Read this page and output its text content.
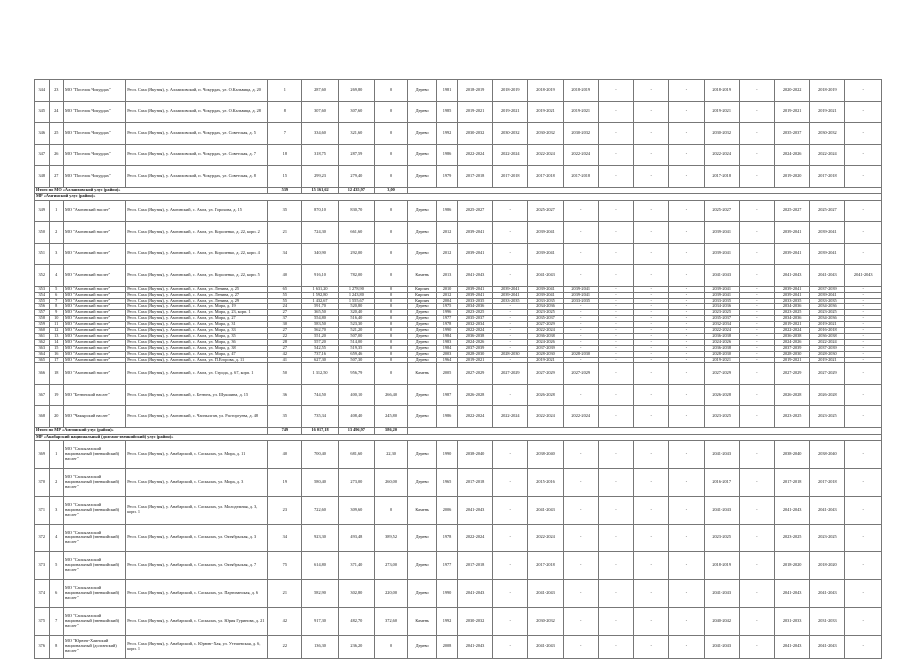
344	23	МО "Поселок Чокурдах"	Респ. Саха (Якутия), у. Аллаиховский, п. Чокурдах, ул. О.Кальвица, д. 20	1	287,60	269,80	0	Дерево	1981	2018-2019	2018-2019	2018-2019	2018-2019	-	-	-	2018-2019	-	2020-2022	2018-2019	-
345	24	МО "Поселок Чокурдах"	Респ. Саха (Якутия), у. Аллаиховский, п. Чокурдах, ул. О.Кальвица, д. 28	8	307,60	307,60	0	Дерево	1985	2019-2021	2019-2021	2019-2021	2019-2021	-	-	-	2019-2021	-	2019-2021	2019-2021	-
346	25	МО "Поселок Чокурдах"	Респ. Саха (Якутия), у. Аллаиховский, п. Чокурдах, ул. Советская, д. 5	7	334,60	321,60	0	Дерево	1992	2030-2032	2030-2032	2030-2032	2030-2032	-	-	-	2030-2032	-	2035-2037	2030-2032	-
347	26	МО "Поселок Чокурдах"	Респ. Саха (Якутия), у. Аллаиховский, п. Чокурдах, ул. Советская, д. 7	18	318,75	287,59	0	Дерево	1986	2022-2024	2022-2024	2022-2024	2022-2024	-	-	-	2022-2024	-	2024-2026	2022-2024	-
348	27	МО "Поселок Чокурдах"	Респ. Саха (Якутия), у. Аллаиховский, п. Чокурдах, ул. Советская, д. 8	15	299,23	279,40	0	Дерево	1979	2017-2018	2017-2018	2017-2018	2017-2018	-	-	-	2017-2018	-	2019-2020	2017-2018	-
Итого по МО «Аллаиховский улус (район)»				539	15 161,62	12 435,97	3,00														
МР «Амгинский улус (район)»																					
349	1	МО "Амгинский наслег"	Респ. Саха (Якутия), у. Амгинский, с. Амга, ул. Горохова, д. 15	35	870,10	830,70	0	Дерево	1986	2025-2027	-	2025-2027	-	-	-	-	2025-2027	-	2025-2027	2025-2027	-
350	2	МО "Амгинский наслег"	Респ. Саха (Якутия), у. Амгинский, с. Амга, ул. Короленко, д. 22, корп. 2	21	724,30	661,60	0	Дерево	2012	2039-2041	-	2039-2041	-	-	-	-	2039-2041	-	2039-2041	2039-2041	-
351	3	МО "Амгинский наслег"	Респ. Саха (Якутия), у. Амгинский, с. Амга, ул. Короленко, д. 22, корп. 4	34	340,90	292,00	0	Дерево	2012	2039-2041	-	2039-2041	-	-	-	-	2039-2041	-	2039-2041	2039-2041	-
352	4	МО "Амгинский наслег"	Респ. Саха (Якутия), у. Амгинский, с. Амга, ул. Короленко, д. 22, корп. 5	40	916,10	782,00	0	Камень	2013	2041-2043	-	2041-2043	-	-	-	-	2041-2043	-	2041-2043	2041-2043	2041-2043
353	5	МО "Амгинский наслег"	Респ. Саха (Якутия), у. Амгинский, с. Амга, ул. Ленина, д. 25	65	1 631,20	1 278,90	0	Кирпич	2010	2039-2041	2039-2041	2039-2041	2039-2041	-	-	-	2039-2041	-	2039-2041	2037-2039	-
354	6	МО "Амгинский наслег"	Респ. Саха (Якутия), у. Амгинский, с. Амга, ул. Ленина, д. 27	55	1 592,80	1 243,80	0	Кирпич	2012	2039-2041	2039-2041	2039-2041	2039-2041	-	-	-	2039-2041	-	2039-2041	2039-2041	-
355	7	МО "Амгинский наслег"	Респ. Саха (Якутия), у. Амгинский, с. Амга, ул. Ленина, д. 29	55	1 432,67	1 555,67	0	Кирпич	2004	2033-2035	2033-2035	2033-2035	2033-2035	-	-	-	2033-2035	-	2033-2035	2033-2035	-
356	8	МО "Амгинский наслег"	Респ. Саха (Якутия), у. Амгинский, с. Амга, ул. Мира, д. 19	24	591,70	520,80	0	Дерево	1975	2034-2036	-	2034-2036	-	-	-	-	2034-2036	-	2034-2036	2034-2036	-
357	9	МО "Амгинский наслег"	Респ. Саха (Якутия), у. Амгинский, с. Амга, ул. Мира, д. 23, корп. 1	27	365,50	320,40	0	Дерево	1996	2023-2025	-	2023-2025	-	-	-	-	2023-2025	-	2023-2025	2023-2025	-
358	10	МО "Амгинский наслег"	Респ. Саха (Якутия), у. Амгинский, с. Амга, ул. Мира, д. 27	37	554,80	516,40	0	Дерево	1977	2035-2037	-	2035-2037	-	-	-	-	2035-2037	-	2034-2036	2034-2036	-
359	11	МО "Амгинский наслег"	Респ. Саха (Якутия), у. Амгинский, с. Амга, ул. Мира, д. 31	30	583,50	523,30	0	Дерево	1978	2032-2034	-	2027-2029	-	-	-	-	2032-2034	-	2019-2021	2019-2021	-
360	12	МО "Амгинский наслег"	Респ. Саха (Якутия), у. Амгинский, с. Амга, ул. Мира, д. 33	27	562,70	521,20	0	Дерево	1990	2022-2024	-	2022-2024	-	-	-	-	2022-2024	-	2022-2024	2016-2018	-
361	13	МО "Амгинский наслег"	Респ. Саха (Якутия), у. Амгинский, с. Амга, ул. Мира, д. 35	22	551,20	507,00	0	Дерево	1984	2036-2038	-	2036-2038	-	-	-	-	2036-2038	-	2036-2038	2036-2038	-
362	14	МО "Амгинский наслег"	Респ. Саха (Якутия), у. Амгинский, с. Амга, ул. Мира, д. 36	28	557,20	514,00	0	Дерево	1983	2024-2026	-	2024-2026	-	-	-	-	2024-2026	-	2024-2026	2022-2024	-
363	15	МО "Амгинский наслег"	Респ. Саха (Якутия), у. Амгинский, с. Амга, ул. Мира, д. 38	27	542,55	519,35	0	Дерево	1984	2037-2039	-	2037-2039	-	-	-	-	2036-2038	-	2037-2039	2037-2039	-
364	16	МО "Амгинский наслег"	Респ. Саха (Якутия), у. Амгинский, с. Амга, ул. Мира, д. 47	42	737,16	659,46	0	Дерево	2003	2028-2030	2028-2030	2028-2030	2028-2030	-	-	-	2028-2030	-	2028-2030	2028-2030	-
365	17	МО "Амгинский наслег"	Респ. Саха (Якутия), у. Амгинский, с. Амга, ул. П.Егорова, д. 11	41	627,30	507,30	0	Дерево	1964	2019-2021	-	2019-2021	-	-	-	-	2019-2021	-	2019-2021	2019-2021	-
366	18	МО "Амгинский наслег"	Респ. Саха (Якутия), у. Амгинский, с. Амга, ул. Строда, д. 67, корп. 1	50	1 312,50	956,79	0	Камень	2005	2027-2029	2027-2029	2027-2029	2027-2029	-	-	-	2027-2029	-	2027-2029	2027-2029	-
367	19	МО "Бетюнский наслег"	Респ. Саха (Якутия), у. Амгинский, с. Бетюнь, ул. Шукшина, д. 15	36	744,50	400,10	266,40	Дерево	1987	2026-2028	-	2026-2028	-	-	-	-	2026-2028	-	2026-2028	2026-2028	-
368	20	МО "Чакырский наслег"	Респ. Саха (Якутия), у. Амгинский, с. Чапчылган, ул. Расторгуева, д. 48	35	735,34	408,40	245,80	Дерево	1986	2022-2024	2022-2024	2022-2024	2022-2024	-	-	-	2023-2025	-	2023-2025	2023-2025	-
Итого по МР «Амгинский улус (район)»				749	16 017,18	13 496,97	586,20														
МР «Анабарский национальный (долгано-эвенкийский) улус (район)»																					
369	1	МО "Саскылахский национальный (эвенкийский) наслег"	Респ. Саха (Якутия), у. Анабарский, с. Саскылах, ул. Мира, д. 11	40	700,40	681,60	22,30	Дерево	1990	2038-2040	-	2038-2040	-	-	-	-	2041-2043	-	2038-2040	2038-2040	-
370	2	МО "Саскылахский национальный (эвенкийский) наслег"	Респ. Саха (Якутия), у. Анабарский, с. Саскылах, ул. Мира, д. 3	19	580,40	273,00	260,00	Дерево	1965	2017-2018	-	2015-2016	-	-	-	-	2016-2017	-	2017-2018	2017-2018	-
371	3	МО "Саскылахский национальный (эвенкийский) наслег"	Респ. Саха (Якутия), у. Анабарский, с. Саскылах, ул. Молодежная, д. 3, корп. 1	23	722,60	309,60	0	Камень	2006	2041-2043	-	2041-2043	-	-	-	-	2041-2043	-	2041-2043	2041-2043	-
372	4	МО "Саскылахский национальный (эвенкийский) наслег"	Респ. Саха (Якутия), у. Анабарский, с. Саскылах, ул. Октябрьская, д. 3	34	923,30	493,48	389,52	Дерево	1978	2022-2024	-	2022-2024	-	-	-	-	2023-2025	-	2023-2025	2023-2025	-
373	5	МО "Саскылахский национальный (эвенкийский) наслег"	Респ. Саха (Якутия), у. Анабарский, с. Саскылах, ул. Октябрьская, д. 7	75	614,80	371,40	273,00	Дерево	1977	2017-2018	-	2017-2018	-	-	-	-	2018-2019	-	2018-2020	2018-2020	-
374	6	МО "Саскылахский национальный (эвенкийский) наслег"	Респ. Саха (Якутия), у. Анабарский, с. Саскылах, ул. Партизанская, д. 6	21	582,90	302,80	220,00	Дерево	1990	2041-2043	-	2041-2043	-	-	-	-	2041-2043	-	2041-2043	2041-2043	-
375	7	МО "Саскылахский национальный (эвенкийский) наслег"	Респ. Саха (Якутия), у. Анабарский, с. Саскылах, ул. Юрия Гуринова, д. 21	42	917,30	482,70	372,60	Камень	1992	2030-2032	-	2030-2032	-	-	-	-	2040-2042	-	2031-2033	2031-2033	-
376	8	МО "Юрюнг-Хаинский национальный (долганский) наслег"	Респ. Саха (Якутия), у. Анабарский, с. Юрюнг-Хая, ул. Утешевская, д. 6, корп. 1	22	136,30	236,20	0	Дерево	2008	2041-2043	-	2041-2043	-	-	-	-	2041-2043	-	2041-2043	2041-2043	-
